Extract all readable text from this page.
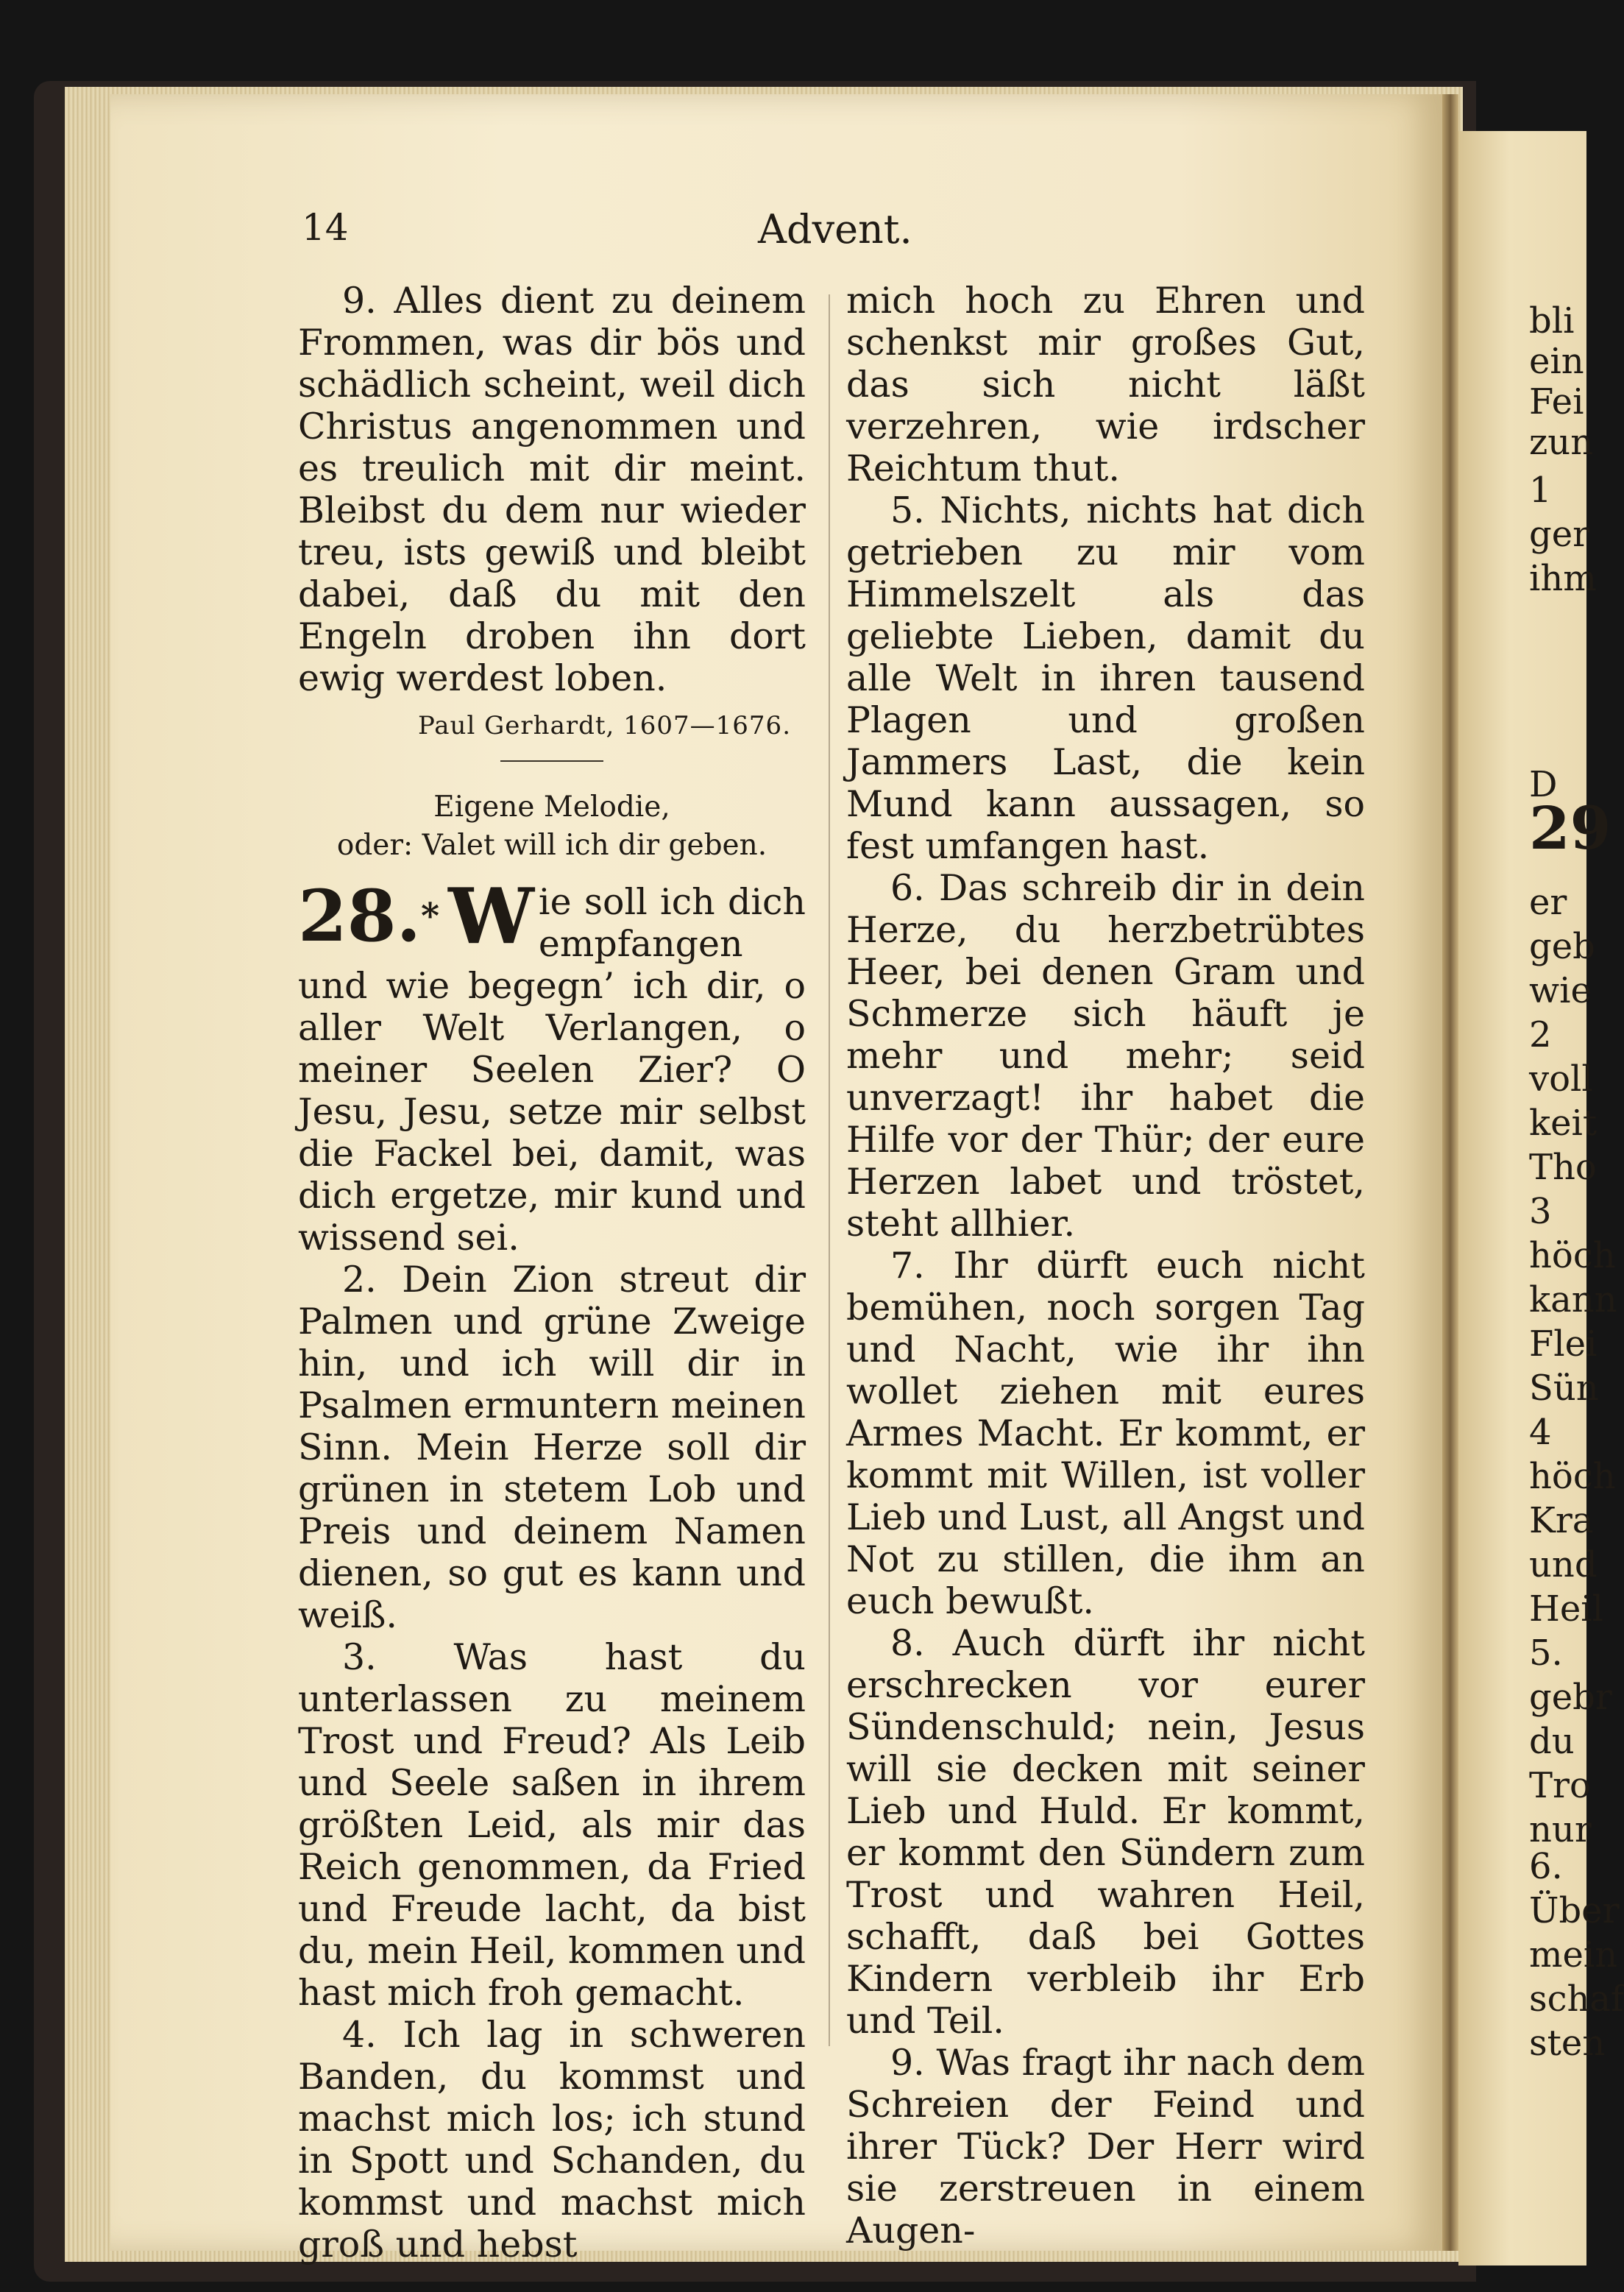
bli
ein
Fei
zun
1
ger
ihm
D
29
er
geb
wie
2
voll
keit
Tho
3
höch
kann
Flei
Sün
4
höch
Kra
und
Heil
5.
gebr
du
Tro
nur
6.
Über
mein
schaf
sten
14	Advent.

9. Alles dient zu deinem Frommen, was dir bös und schädlich scheint, weil dich Christus angenommen und es treulich mit dir meint. Bleibst du dem nur wieder treu, ists gewiß und bleibt dabei, daß du mit den Engeln droben ihn dort ewig werdest loben.

Paul Gerhardt, 1607—1676.

Eigene Melodie,

oder: Valet will ich dir geben.

28.* W ie soll ich dich empfangen und wie begegn’ ich dir, o aller Welt Verlangen, o meiner Seelen Zier? O Jesu, Jesu, setze mir selbst die Fackel bei, damit, was dich ergetze, mir kund und wissend sei.

2. Dein Zion streut dir Palmen und grüne Zweige hin, und ich will dir in Psalmen ermuntern meinen Sinn. Mein Herze soll dir grünen in stetem Lob und Preis und deinem Namen dienen, so gut es kann und weiß.

3. Was hast du unterlassen zu meinem Trost und Freud? Als Leib und Seele saßen in ihrem größten Leid, als mir das Reich genommen, da Fried und Freude lacht, da bist du, mein Heil, kommen und hast mich froh gemacht.

4. Ich lag in schweren Banden, du kommst und machst mich los; ich stund in Spott und Schanden, du kommst und machst mich groß und hebst

mich hoch zu Ehren und schenkst mir großes Gut, das sich nicht läßt verzehren, wie irdscher Reichtum thut.

5. Nichts, nichts hat dich getrieben zu mir vom Himmelszelt als das geliebte Lieben, damit du alle Welt in ihren tausend Plagen und großen Jammers Last, die kein Mund kann aussagen, so fest umfangen hast.

6. Das schreib dir in dein Herze, du herzbetrübtes Heer, bei denen Gram und Schmerze sich häuft je mehr und mehr; seid unverzagt! ihr habet die Hilfe vor der Thür; der eure Herzen labet und tröstet, steht allhier.

7. Ihr dürft euch nicht bemühen, noch sorgen Tag und Nacht, wie ihr ihn wollet ziehen mit eures Armes Macht. Er kommt, er kommt mit Willen, ist voller Lieb und Lust, all Angst und Not zu stillen, die ihm an euch bewußt.

8. Auch dürft ihr nicht erschrecken vor eurer Sündenschuld; nein, Jesus will sie decken mit seiner Lieb und Huld. Er kommt, er kommt den Sündern zum Trost und wahren Heil, schafft, daß bei Gottes Kindern verbleib ihr Erb und Teil.

9. Was fragt ihr nach dem Schreien der Feind und ihrer Tück? Der Herr wird sie zerstreuen in einem Augen-
